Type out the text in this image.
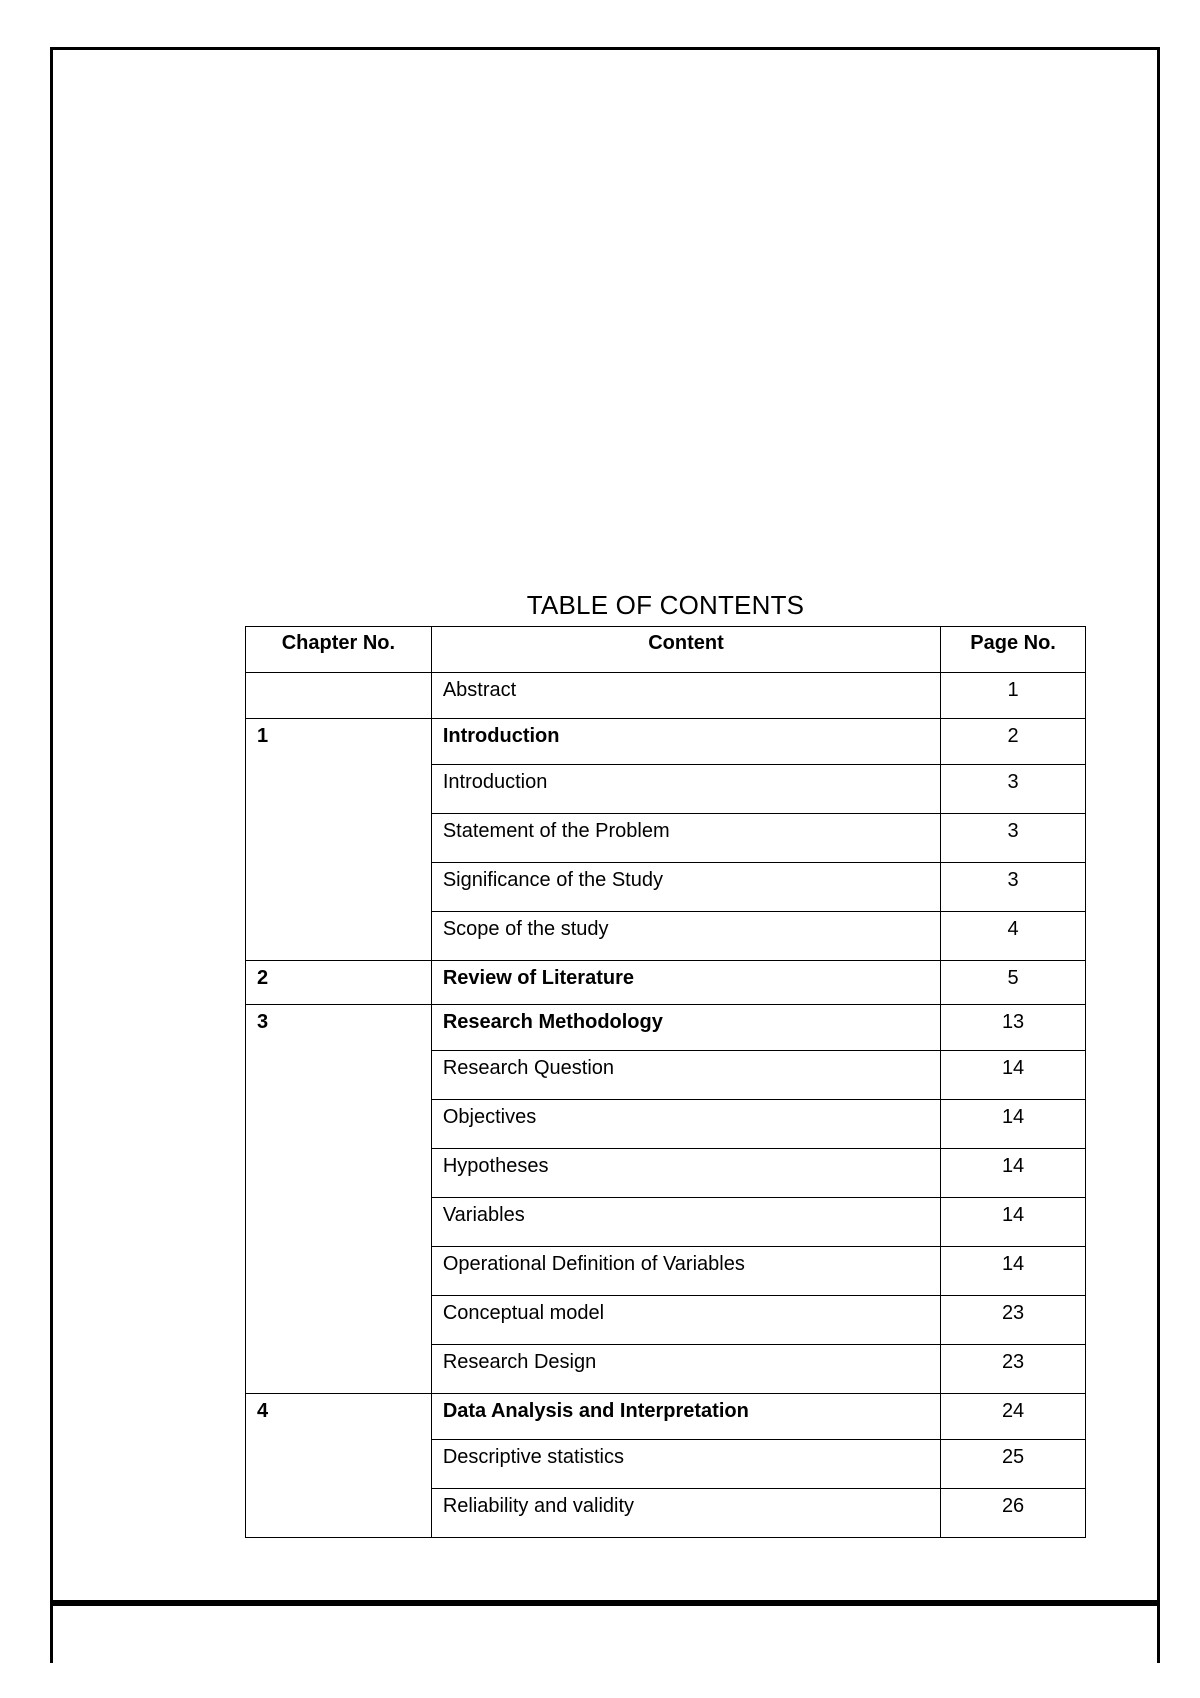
TABLE OF CONTENTS
Chapter No.	Content	Page No.
	Abstract	1
1	Introduction	2
	Introduction	3
	Statement of the Problem	3
	Significance of the Study	3
	Scope of the study	4
2	Review of Literature	5
3	Research Methodology	13
	Research Question	14
	Objectives	14
	Hypotheses	14
	Variables	14
	Operational Definition of Variables	14
	Conceptual model	23
	Research Design	23
4	Data Analysis and Interpretation	24
	Descriptive statistics	25
	Reliability and validity	26
